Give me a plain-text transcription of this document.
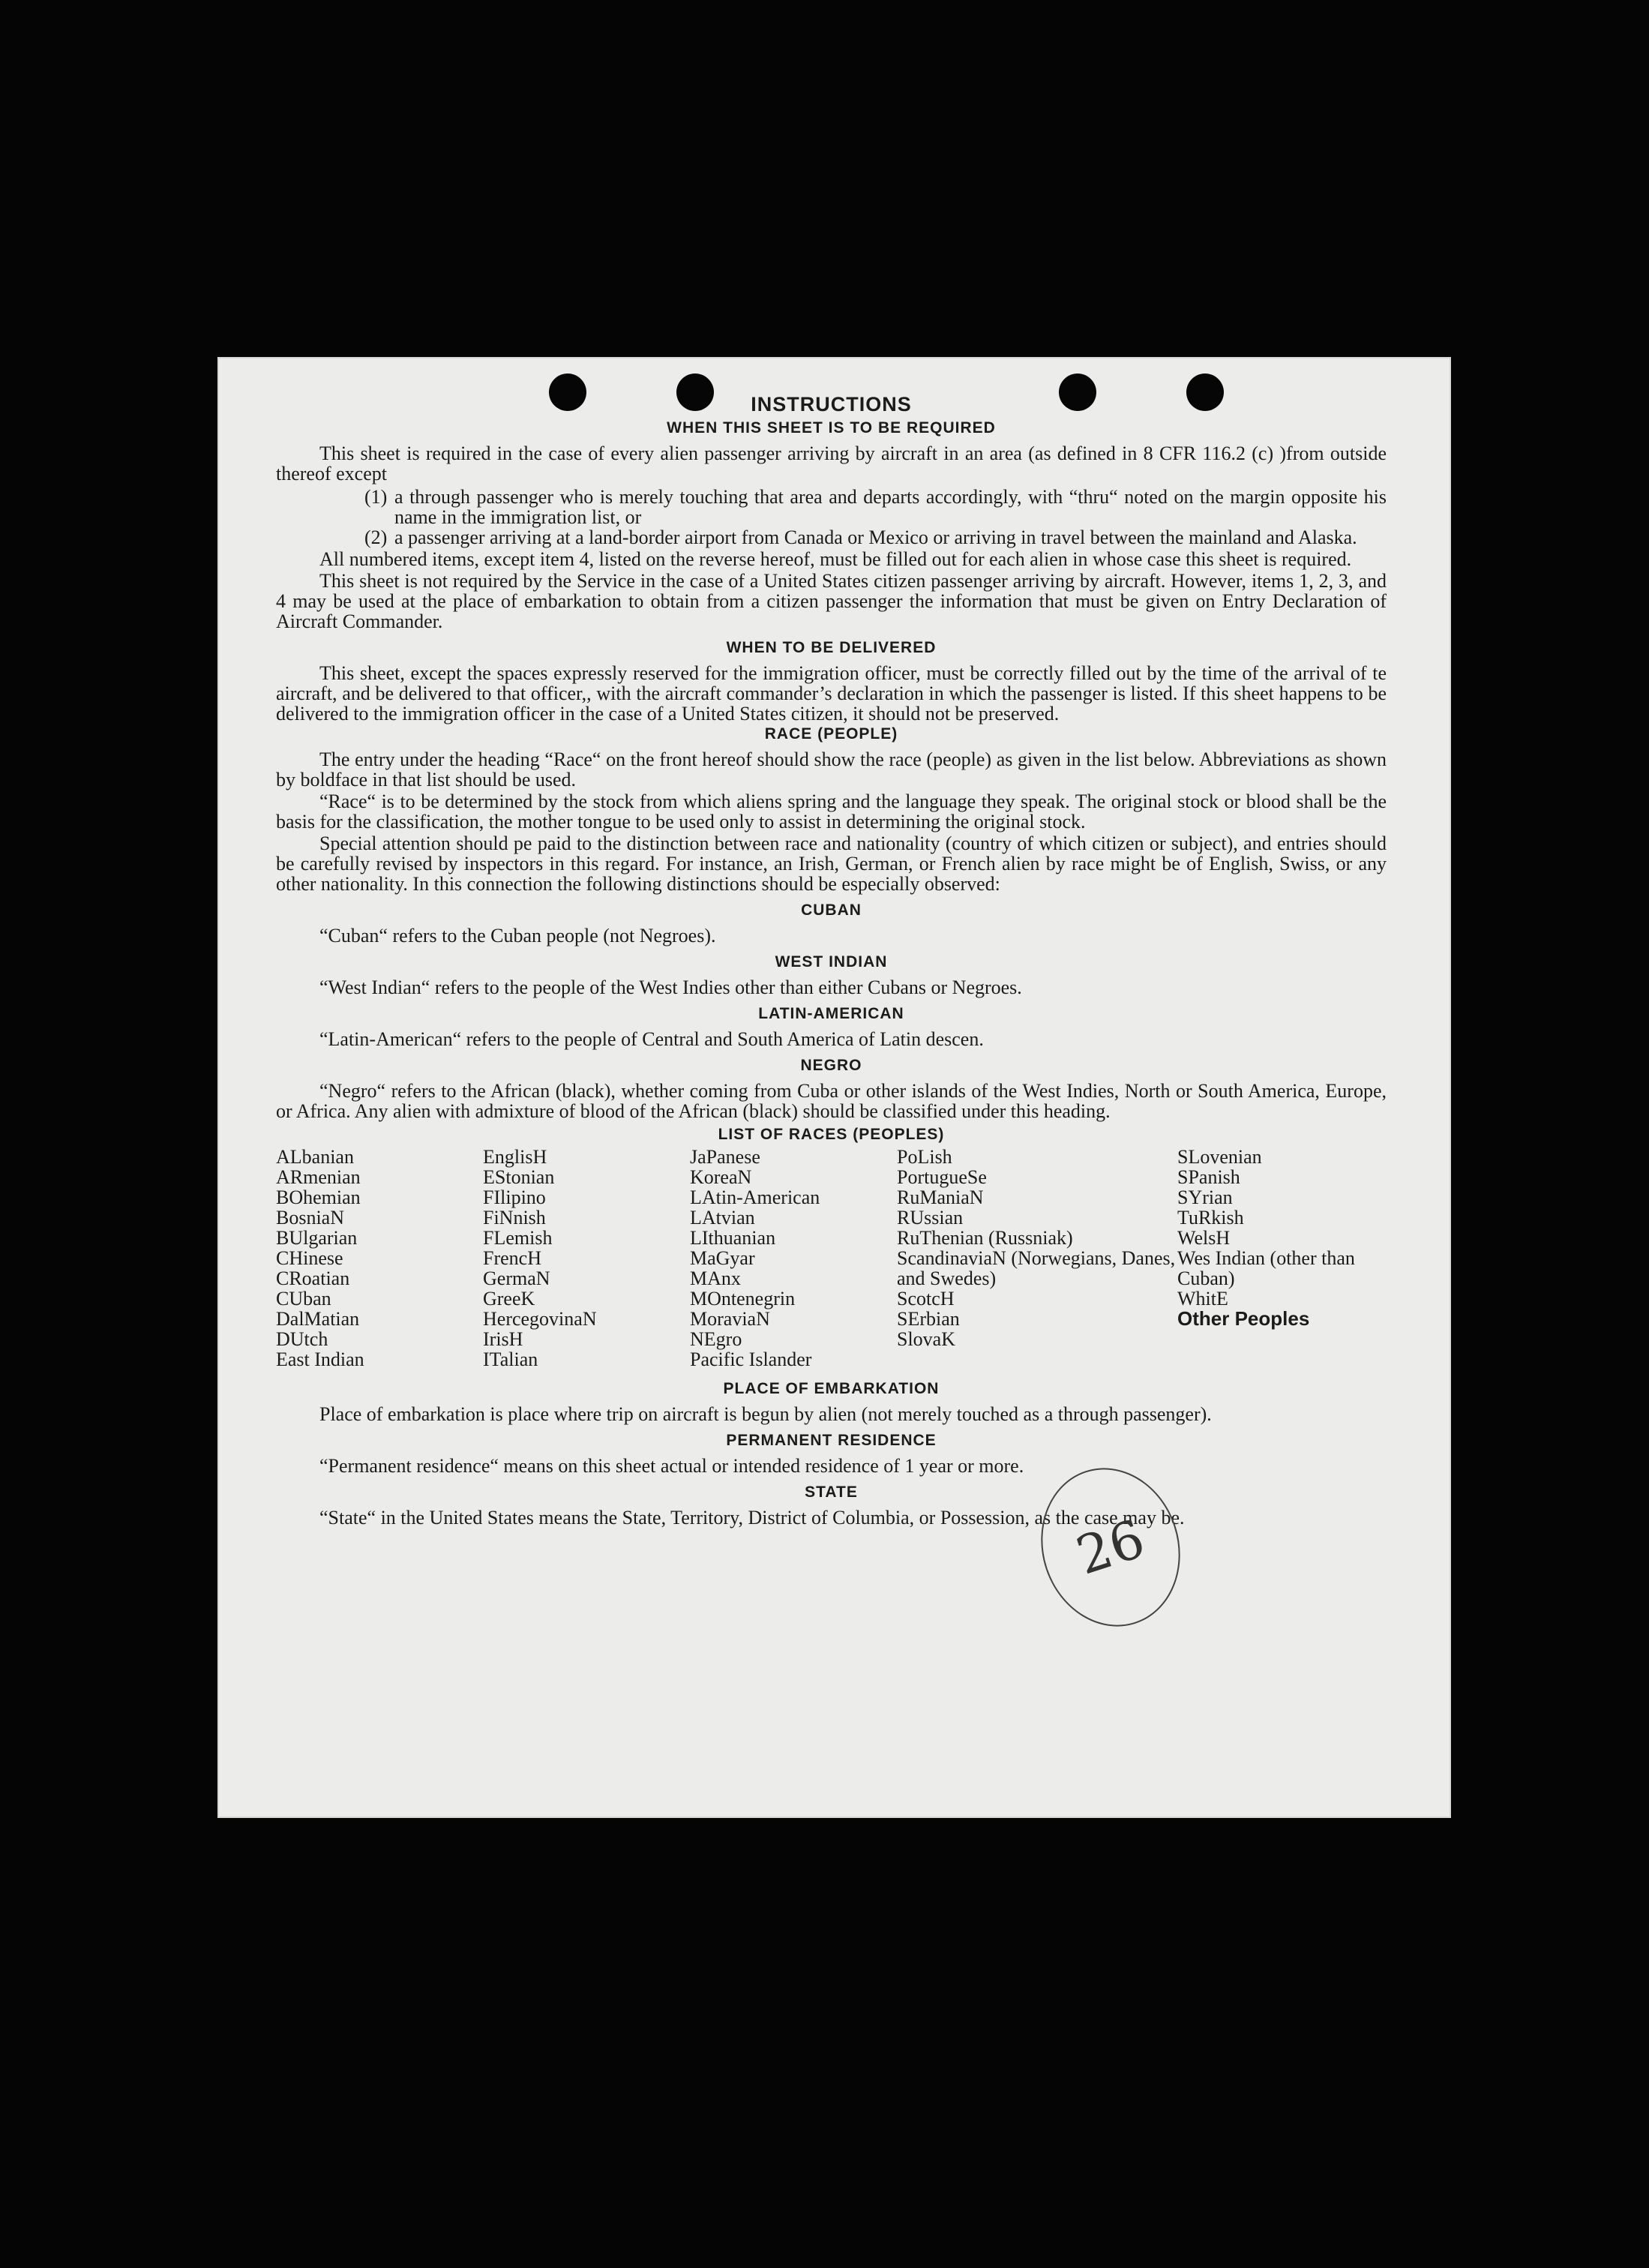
INSTRUCTIONS
WHEN THIS SHEET IS TO BE REQUIRED

This sheet is required in the case of every alien passenger arriving by aircraft in an area (as defined in 8 CFR 116.2 (c) )from outside thereof except

(1) a through passenger who is merely touching that area and departs accordingly, with “thru“ noted on the margin opposite his name in the immigration list, or
(2) a passenger arriving at a land-border airport from Canada or Mexico or arriving in travel between the mainland and Alaska.

All numbered items, except item 4, listed on the reverse hereof, must be filled out for each alien in whose case this sheet is required.

This sheet is not required by the Service in the case of a United States citizen passenger arriving by aircraft. However, items 1, 2, 3, and 4 may be used at the place of embarkation to obtain from a citizen passenger the information that must be given on Entry Declaration of Aircraft Commander.

WHEN TO BE DELIVERED

This sheet, except the spaces expressly reserved for the immigration officer, must be correctly filled out by the time of the arrival of te aircraft, and be delivered to that officer,, with the aircraft commander’s declaration in which the passenger is listed. If this sheet happens to be delivered to the immigration officer in the case of a United States citizen, it should not be preserved.

RACE (PEOPLE)

The entry under the heading “Race“ on the front hereof should show the race (people) as given in the list below. Abbreviations as shown by boldface in that list should be used.

“Race“ is to be determined by the stock from which aliens spring and the language they speak. The original stock or blood shall be the basis for the classification, the mother tongue to be used only to assist in determining the original stock.

Special attention should pe paid to the distinction between race and nationality (country of which citizen or subject), and entries should be carefully revised by inspectors in this regard. For instance, an Irish, German, or French alien by race might be of English, Swiss, or any other nationality. In this connection the following distinctions should be especially observed:

CUBAN

“Cuban“ refers to the Cuban people (not Negroes).

WEST INDIAN

“West Indian“ refers to the people of the West Indies other than either Cubans or Negroes.

LATIN-AMERICAN

“Latin-American“ refers to the people of Central and South America of Latin descen.

NEGRO

“Negro“ refers to the African (black), whether coming from Cuba or other islands of the West Indies, North or South America, Europe, or Africa. Any alien with admixture of blood of the African (black) should be classified under this heading.

LIST OF RACES (PEOPLES)
ALbanian
ARmenian
BOhemian
BosniaN
BUlgarian
CHinese
CRoatian
CUban
DalMatian
DUtch
East Indian
EnglisH
EStonian
FIlipino
FiNnish
FLemish
FrencH
GermaN
GreeK
HercegovinaN
IrisH
ITalian
JaPanese
KoreaN
LAtin-American
LAtvian
LIthuanian
MaGyar
MAnx
MOntenegrin
MoraviaN
NEgro
Pacific Islander
PoLish
PortugueSe
RuManiaN
RUssian
RuThenian (Russniak)
ScandinaviaN (Norwegians, Danes, and Swedes)
ScotcH
SErbian
SlovaK
SLovenian
SPanish
SYrian
TuRkish
WelsH
Wes Indian (other than Cuban)
WhitE
Other Peoples
PLACE OF EMBARKATION

Place of embarkation is place where trip on aircraft is begun by alien (not merely touched as a through passenger).

PERMANENT RESIDENCE

“Permanent residence“ means on this sheet actual or intended residence of 1 year or more.

STATE

“State“ in the United States means the State, Territory, District of Columbia, or Possession, as the case may be.

26
